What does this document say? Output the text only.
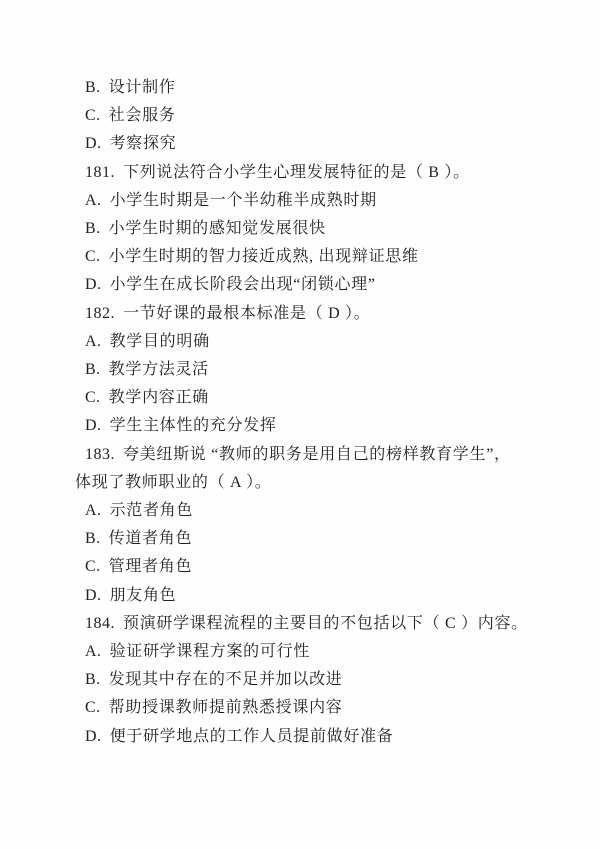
B. 设计制作
C. 社会服务
D. 考察探究
181. 下列说法符合小学生心理发展特征的是（ B ）。
A. 小学生时期是一个半幼稚半成熟时期
B. 小学生时期的感知觉发展很快
C. 小学生时期的智力接近成熟, 出现辩证思维
D. 小学生在成长阶段会出现“闭锁心理”
182. 一节好课的最根本标准是（ D ）。
A. 教学目的明确
B. 教学方法灵活
C. 教学内容正确
D. 学生主体性的充分发挥
183. 夸美纽斯说 “教师的职务是用自己的榜样教育学生”，
体现了教师职业的（ A ）。
A. 示范者角色
B. 传道者角色
C. 管理者角色
D. 朋友角色
184. 预演研学课程流程的主要目的不包括以下（ C ）内容。
A. 验证研学课程方案的可行性
B. 发现其中存在的不足并加以改进
C. 帮助授课教师提前熟悉授课内容
D. 便于研学地点的工作人员提前做好准备
